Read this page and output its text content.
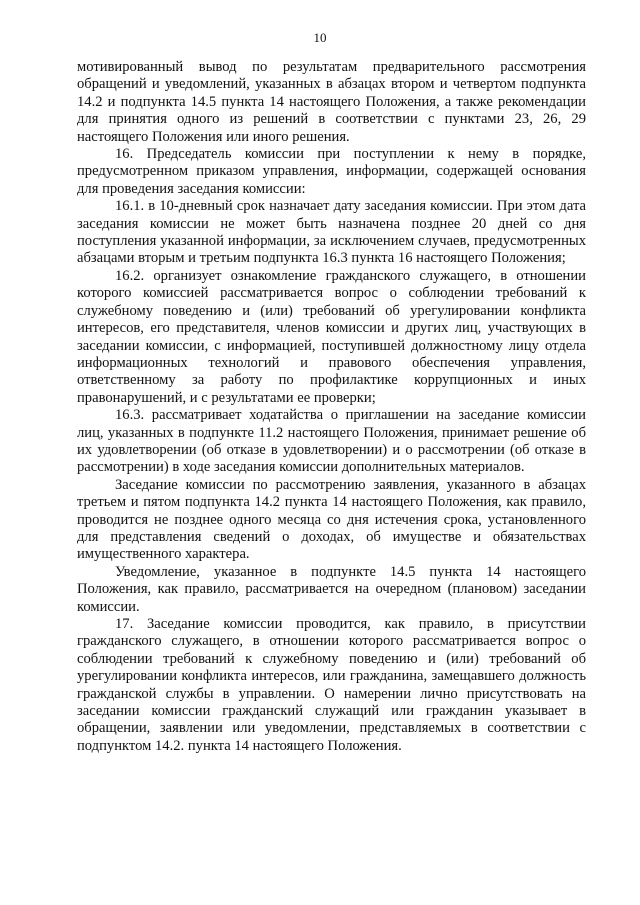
10

мотивированный вывод по результатам предварительного рассмотрения обращений и уведомлений, указанных в абзацах втором и четвертом подпункта 14.2 и подпункта 14.5 пункта 14 настоящего Положения, а также рекомендации для принятия одного из решений в соответствии с пунктами 23, 26, 29 настоящего Положения или иного решения.

16. Председатель комиссии при поступлении к нему в порядке, предусмотренном приказом управления, информации, содержащей основания для проведения заседания комиссии:

16.1. в 10-дневный срок назначает дату заседания комиссии. При этом дата заседания комиссии не может быть назначена позднее 20 дней со дня поступления указанной информации, за исключением случаев, предусмотренных абзацами вторым и третьим подпункта 16.3 пункта 16 настоящего Положения;

16.2. организует ознакомление гражданского служащего, в отношении которого комиссией рассматривается вопрос о соблюдении требований к служебному поведению и (или) требований об урегулировании конфликта интересов, его представителя, членов комиссии и других лиц, участвующих в заседании комиссии, с информацией, поступившей должностному лицу отдела информационных технологий и правового обеспечения управления, ответственному за работу по профилактике коррупционных и иных правонарушений, и с результатами ее проверки;

16.3. рассматривает ходатайства о приглашении на заседание комиссии лиц, указанных в подпункте 11.2 настоящего Положения, принимает решение об их удовлетворении (об отказе в удовлетворении) и о рассмотрении (об отказе в рассмотрении) в ходе заседания комиссии дополнительных материалов.

Заседание комиссии по рассмотрению заявления, указанного в абзацах третьем и пятом подпункта 14.2 пункта 14 настоящего Положения, как правило, проводится не позднее одного месяца со дня истечения срока, установленного для представления сведений о доходах, об имуществе и обязательствах имущественного характера.

Уведомление, указанное в подпункте 14.5 пункта 14 настоящего Положения, как правило, рассматривается на очередном (плановом) заседании комиссии.

17. Заседание комиссии проводится, как правило, в присутствии гражданского служащего, в отношении которого рассматривается вопрос о соблюдении требований к служебному поведению и (или) требований об урегулировании конфликта интересов, или гражданина, замещавшего должность гражданской службы в управлении. О намерении лично присутствовать на заседании комиссии гражданский служащий или гражданин указывает в обращении, заявлении или уведомлении, представляемых в соответствии с подпунктом 14.2. пункта 14 настоящего Положения.
